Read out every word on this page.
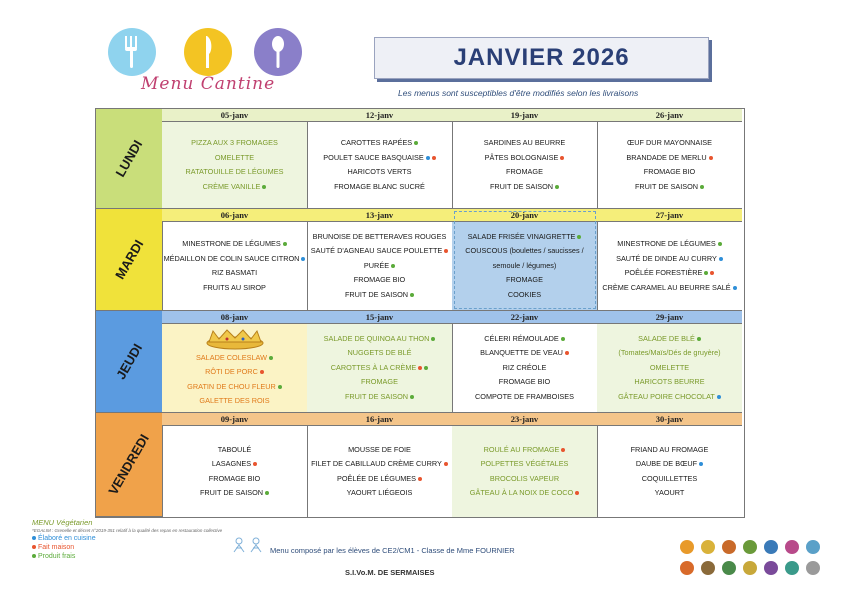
Menu Cantine
JANVIER 2026
Les menus sont susceptibles d'être modifiés selon les livraisons
LUNDI
05-janv
PIZZA AUX 3 FROMAGES
OMELETTE
RATATOUILLE DE LÉGUMES
CRÈME VANILLE
12-janv
CAROTTES RAPÉES
POULET SAUCE BASQUAISE
HARICOTS VERTS
FROMAGE BLANC SUCRÉ
19-janv
SARDINES AU BEURRE
PÂTES BOLOGNAISE
FROMAGE
FRUIT DE SAISON
26-janv
ŒUF DUR MAYONNAISE
BRANDADE DE MERLU
FROMAGE BIO
FRUIT DE SAISON
MARDI
06-janv
MINESTRONE DE LÉGUMES
MÉDAILLON DE COLIN SAUCE CITRON
RIZ BASMATI
FRUITS AU SIROP
13-janv
BRUNOISE DE BETTERAVES ROUGES
SAUTÉ D'AGNEAU SAUCE POULETTE
PURÉE
FROMAGE BIO
FRUIT DE SAISON
20-janv
SALADE FRISÉE VINAIGRETTE
COUSCOUS (boulettes / saucisses /
semoule / légumes)
FROMAGE
COOKIES
27-janv
MINESTRONE DE LÉGUMES
SAUTÉ DE DINDE AU CURRY
POÊLÉE FORESTIÈRE
CRÈME CARAMEL AU BEURRE SALÉ
JEUDI
08-janv
SALADE COLESLAW
RÔTI DE PORC
GRATIN DE CHOU FLEUR
GALETTE DES ROIS
15-janv
SALADE DE QUINOA AU THON
NUGGETS DE BLÉ
CAROTTES À LA CRÈME
FROMAGE
FRUIT DE SAISON
22-janv
CÉLERI RÉMOULADE
BLANQUETTE DE VEAU
RIZ CRÉOLE
FROMAGE BIO
COMPOTE DE FRAMBOISES
29-janv
SALADE DE BLÉ
(Tomates/Maïs/Dés de gruyère)
OMELETTE
HARICOTS BEURRE
GÂTEAU POIRE CHOCOLAT
VENDREDI
09-janv
TABOULÉ
LASAGNES
FROMAGE BIO
FRUIT DE SAISON
16-janv
MOUSSE DE FOIE
FILET DE CABILLAUD CRÈME CURRY
POÊLÉE DE LÉGUMES
YAOURT LIÉGEOIS
23-janv
ROULÉ AU FROMAGE
POLPETTES VÉGÉTALES
BROCOLIS VAPEUR
GÂTEAU À LA NOIX DE COCO
30-janv
FRIAND AU FROMAGE
DAUBE DE BŒUF
COQUILLETTES
YAOURT
MENU Végétarien
*EGALIM : Grenelle et décret n°2019-351 relatif à la qualité des repas en restauration collective
Élaboré en cuisine
Fait maison
Produit frais
Menu composé par les élèves de CE2/CM1 - Classe de Mme FOURNIER
S.I.Vo.M. DE SERMAISES
